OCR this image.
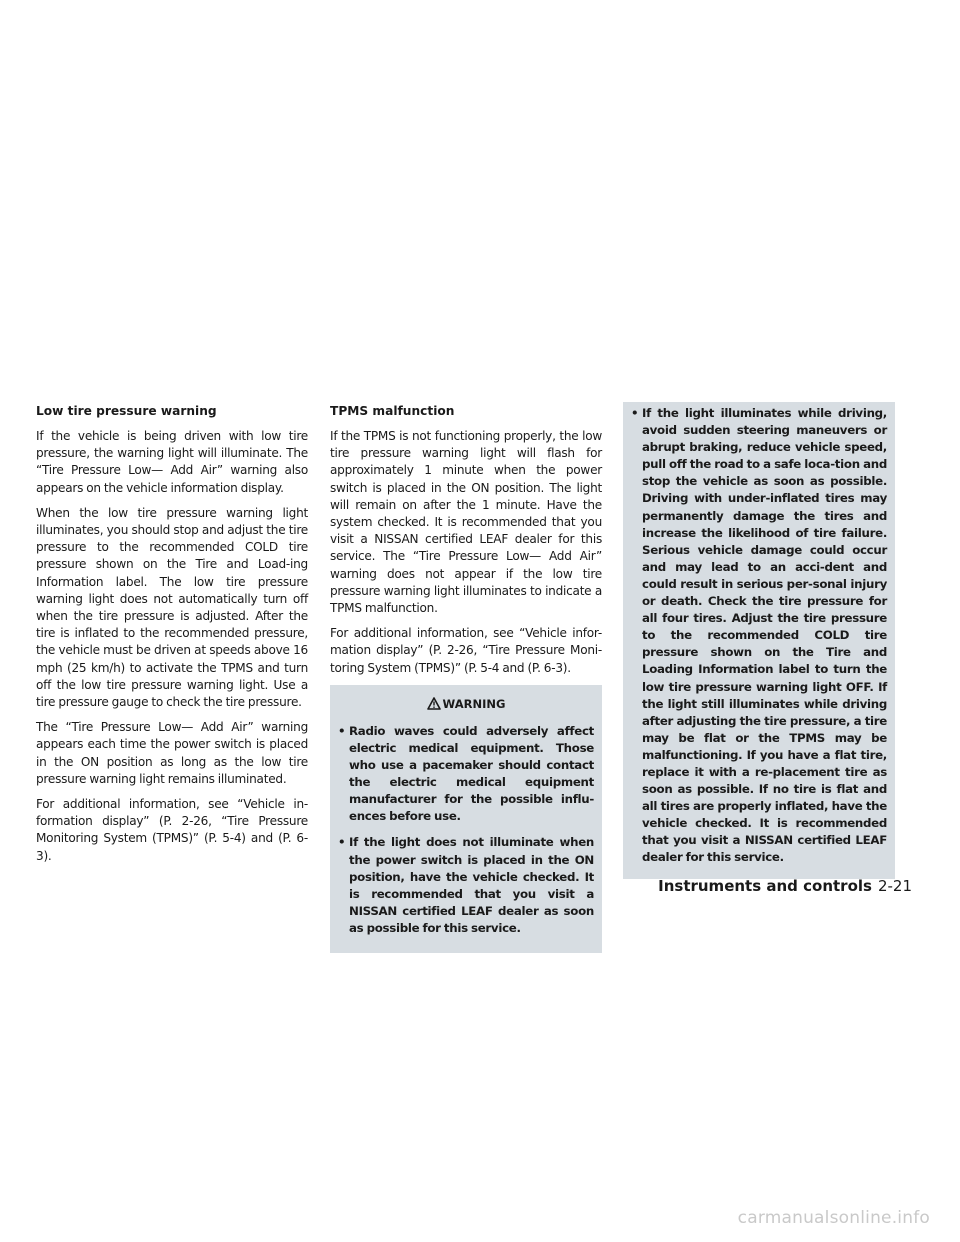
Low tire pressure warning

If the vehicle is being driven with low tire pressure, the warning light will illuminate. The “Tire Pressure Low— Add Air” warning also appears on the vehicle information display.

When the low tire pressure warning light illuminates, you should stop and adjust the tire pressure to the recommended COLD tire pressure shown on the Tire and Load-ing Information label. The low tire pressure warning light does not automatically turn off when the tire pressure is adjusted. After the tire is inflated to the recommended pressure, the vehicle must be driven at speeds above 16 mph (25 km/h) to activate the TPMS and turn off the low tire pressure warning light. Use a tire pressure gauge to check the tire pressure.

The “Tire Pressure Low— Add Air” warning appears each time the power switch is placed in the ON position as long as the low tire pressure warning light remains illuminated.

For additional information, see “Vehicle in-formation display” (P. 2-26, “Tire Pressure Monitoring System (TPMS)” (P. 5-4) and (P. 6-3).

TPMS malfunction

If the TPMS is not functioning properly, the low tire pressure warning light will flash for approximately 1 minute when the power switch is placed in the ON position. The light will remain on after the 1 minute. Have the system checked. It is recommended that you visit a NISSAN certified LEAF dealer for this service. The “Tire Pressure Low— Add Air” warning does not appear if the low tire pressure warning light illuminates to indicate a TPMS malfunction.

For additional information, see “Vehicle infor-mation display” (P. 2-26, “Tire Pressure Moni-toring System (TPMS)” (P. 5-4 and (P. 6-3).

WARNING
• Radio waves could adversely affect electric medical equipment. Those who use a pacemaker should contact the electric medical equipment manufacturer for the possible influ-ences before use.
• If the light does not illuminate when the power switch is placed in the ON position, have the vehicle checked. It is recommended that you visit a NISSAN certified LEAF dealer as soon as possible for this service.
• If the light illuminates while driving, avoid sudden steering maneuvers or abrupt braking, reduce vehicle speed, pull off the road to a safe loca-tion and stop the vehicle as soon as possible. Driving with under-inflated tires may permanently damage the tires and increase the likelihood of tire failure. Serious vehicle damage could occur and may lead to an acci-dent and could result in serious per-sonal injury or death. Check the tire pressure for all four tires. Adjust the tire pressure to the recommended COLD tire pressure shown on the Tire and Loading Information label to turn the low tire pressure warning light OFF. If the light still illuminates while driving after adjusting the tire pressure, a tire may be flat or the TPMS may be malfunctioning. If you have a flat tire, replace it with a re-placement tire as soon as possible. If no tire is flat and all tires are properly inflated, have the vehicle checked. It is recommended that you visit a NISSAN certified LEAF dealer for this service.
Instruments and controls 2-21
carmanualsonline.info
